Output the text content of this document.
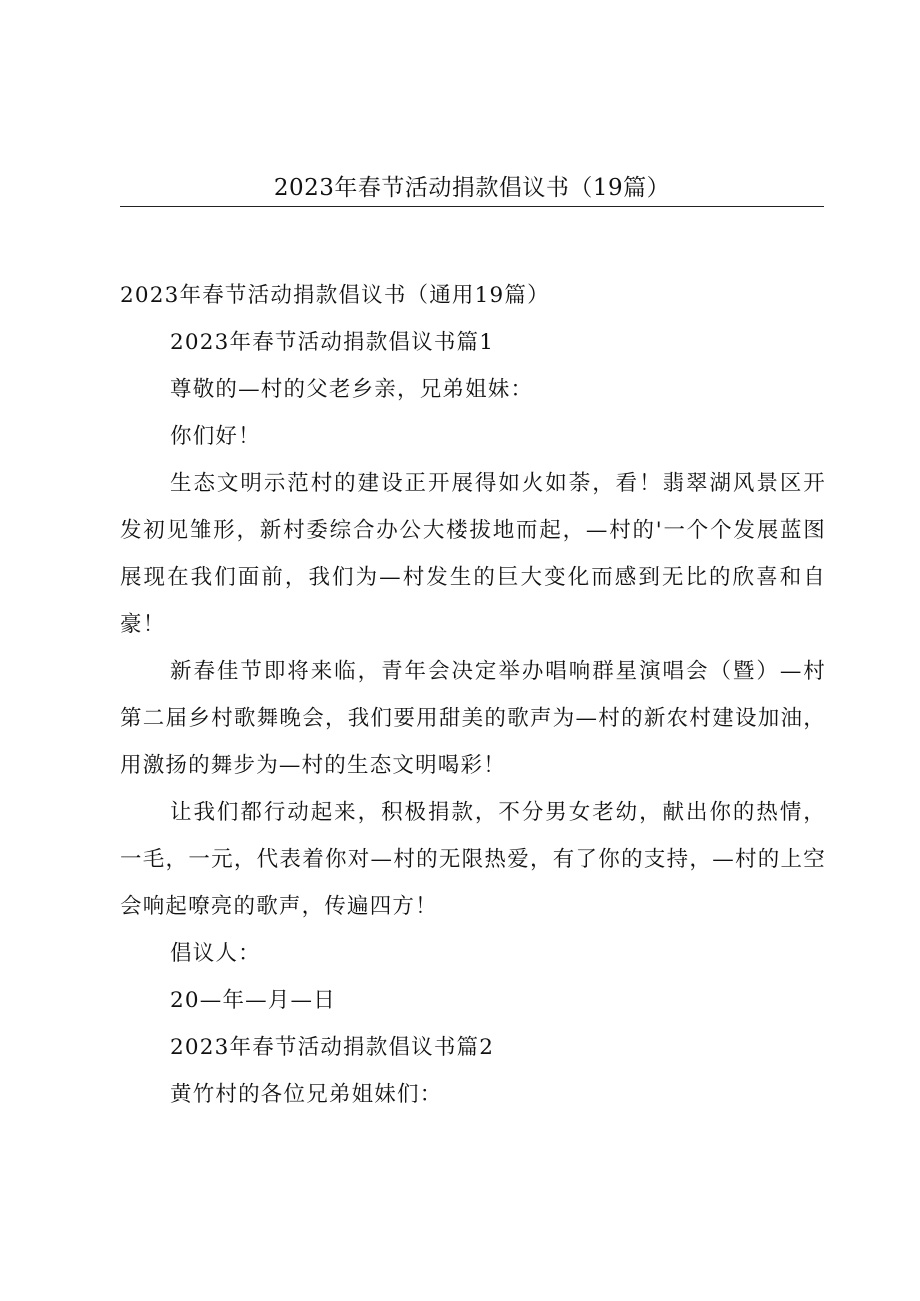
2023年春节活动捐款倡议书（19篇）

2023年春节活动捐款倡议书（通用19篇）

2023年春节活动捐款倡议书篇1

尊敬的—村的父老乡亲，兄弟姐妹：

你们好！

生态文明示范村的建设正开展得如火如荼，看！翡翠湖风景区开发初见雏形，新村委综合办公大楼拔地而起，—村的'一个个发展蓝图展现在我们面前，我们为—村发生的巨大变化而感到无比的欣喜和自豪！

新春佳节即将来临，青年会决定举办唱响群星演唱会（暨）—村第二届乡村歌舞晚会，我们要用甜美的歌声为—村的新农村建设加油，用激扬的舞步为—村的生态文明喝彩！

让我们都行动起来，积极捐款，不分男女老幼，献出你的热情，一毛，一元，代表着你对—村的无限热爱，有了你的支持，—村的上空会响起嘹亮的歌声，传遍四方！

倡议人：

20—年—月—日

2023年春节活动捐款倡议书篇2

黄竹村的各位兄弟姐妹们：
